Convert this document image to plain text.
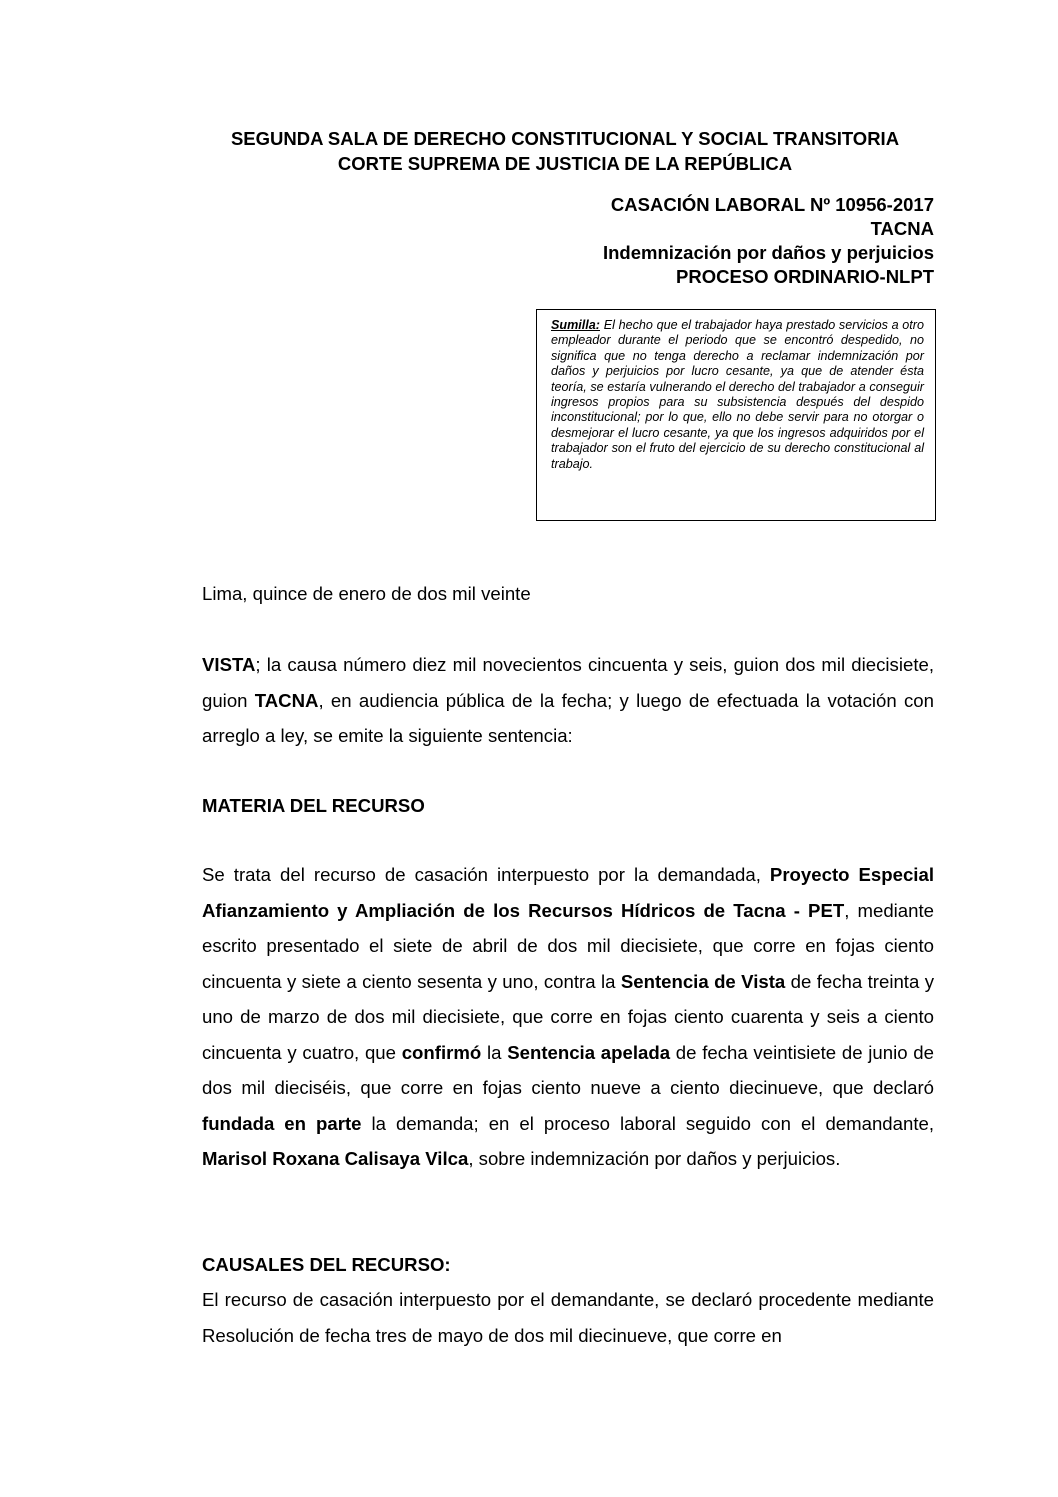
SEGUNDA SALA DE DERECHO CONSTITUCIONAL Y SOCIAL TRANSITORIA
CORTE SUPREMA DE JUSTICIA DE LA REPÚBLICA
CASACIÓN LABORAL Nº 10956-2017
TACNA
Indemnización por daños y perjuicios
PROCESO ORDINARIO-NLPT
Sumilla: El hecho que el trabajador haya prestado servicios a otro empleador durante el periodo que se encontró despedido, no significa que no tenga derecho a reclamar indemnización por daños y perjuicios por lucro cesante, ya que de atender ésta teoría, se estaría vulnerando el derecho del trabajador a conseguir ingresos propios para su subsistencia después del despido inconstitucional; por lo que, ello no debe servir para no otorgar o desmejorar el lucro cesante, ya que los ingresos adquiridos por el trabajador son el fruto del ejercicio de su derecho constitucional al trabajo.
Lima, quince de enero de dos mil veinte
VISTA; la causa número diez mil novecientos cincuenta y seis, guion dos mil diecisiete, guion TACNA, en audiencia pública de la fecha; y luego de efectuada la votación con arreglo a ley, se emite la siguiente sentencia:
MATERIA DEL RECURSO
Se trata del recurso de casación interpuesto por la demandada, Proyecto Especial Afianzamiento y Ampliación de los Recursos Hídricos de Tacna - PET, mediante escrito presentado el siete de abril de dos mil diecisiete, que corre en fojas ciento cincuenta y siete a ciento sesenta y uno, contra la Sentencia de Vista de fecha treinta y uno de marzo de dos mil diecisiete, que corre en fojas ciento cuarenta y seis a ciento cincuenta y cuatro, que confirmó la Sentencia apelada de fecha veintisiete de junio de dos mil dieciséis, que corre en fojas ciento nueve a ciento diecinueve, que declaró fundada en parte la demanda; en el proceso laboral seguido con el demandante, Marisol Roxana Calisaya Vilca, sobre indemnización por daños y perjuicios.
CAUSALES DEL RECURSO:
El recurso de casación interpuesto por el demandante, se declaró procedente mediante Resolución de fecha tres de mayo de dos mil diecinueve, que corre en
